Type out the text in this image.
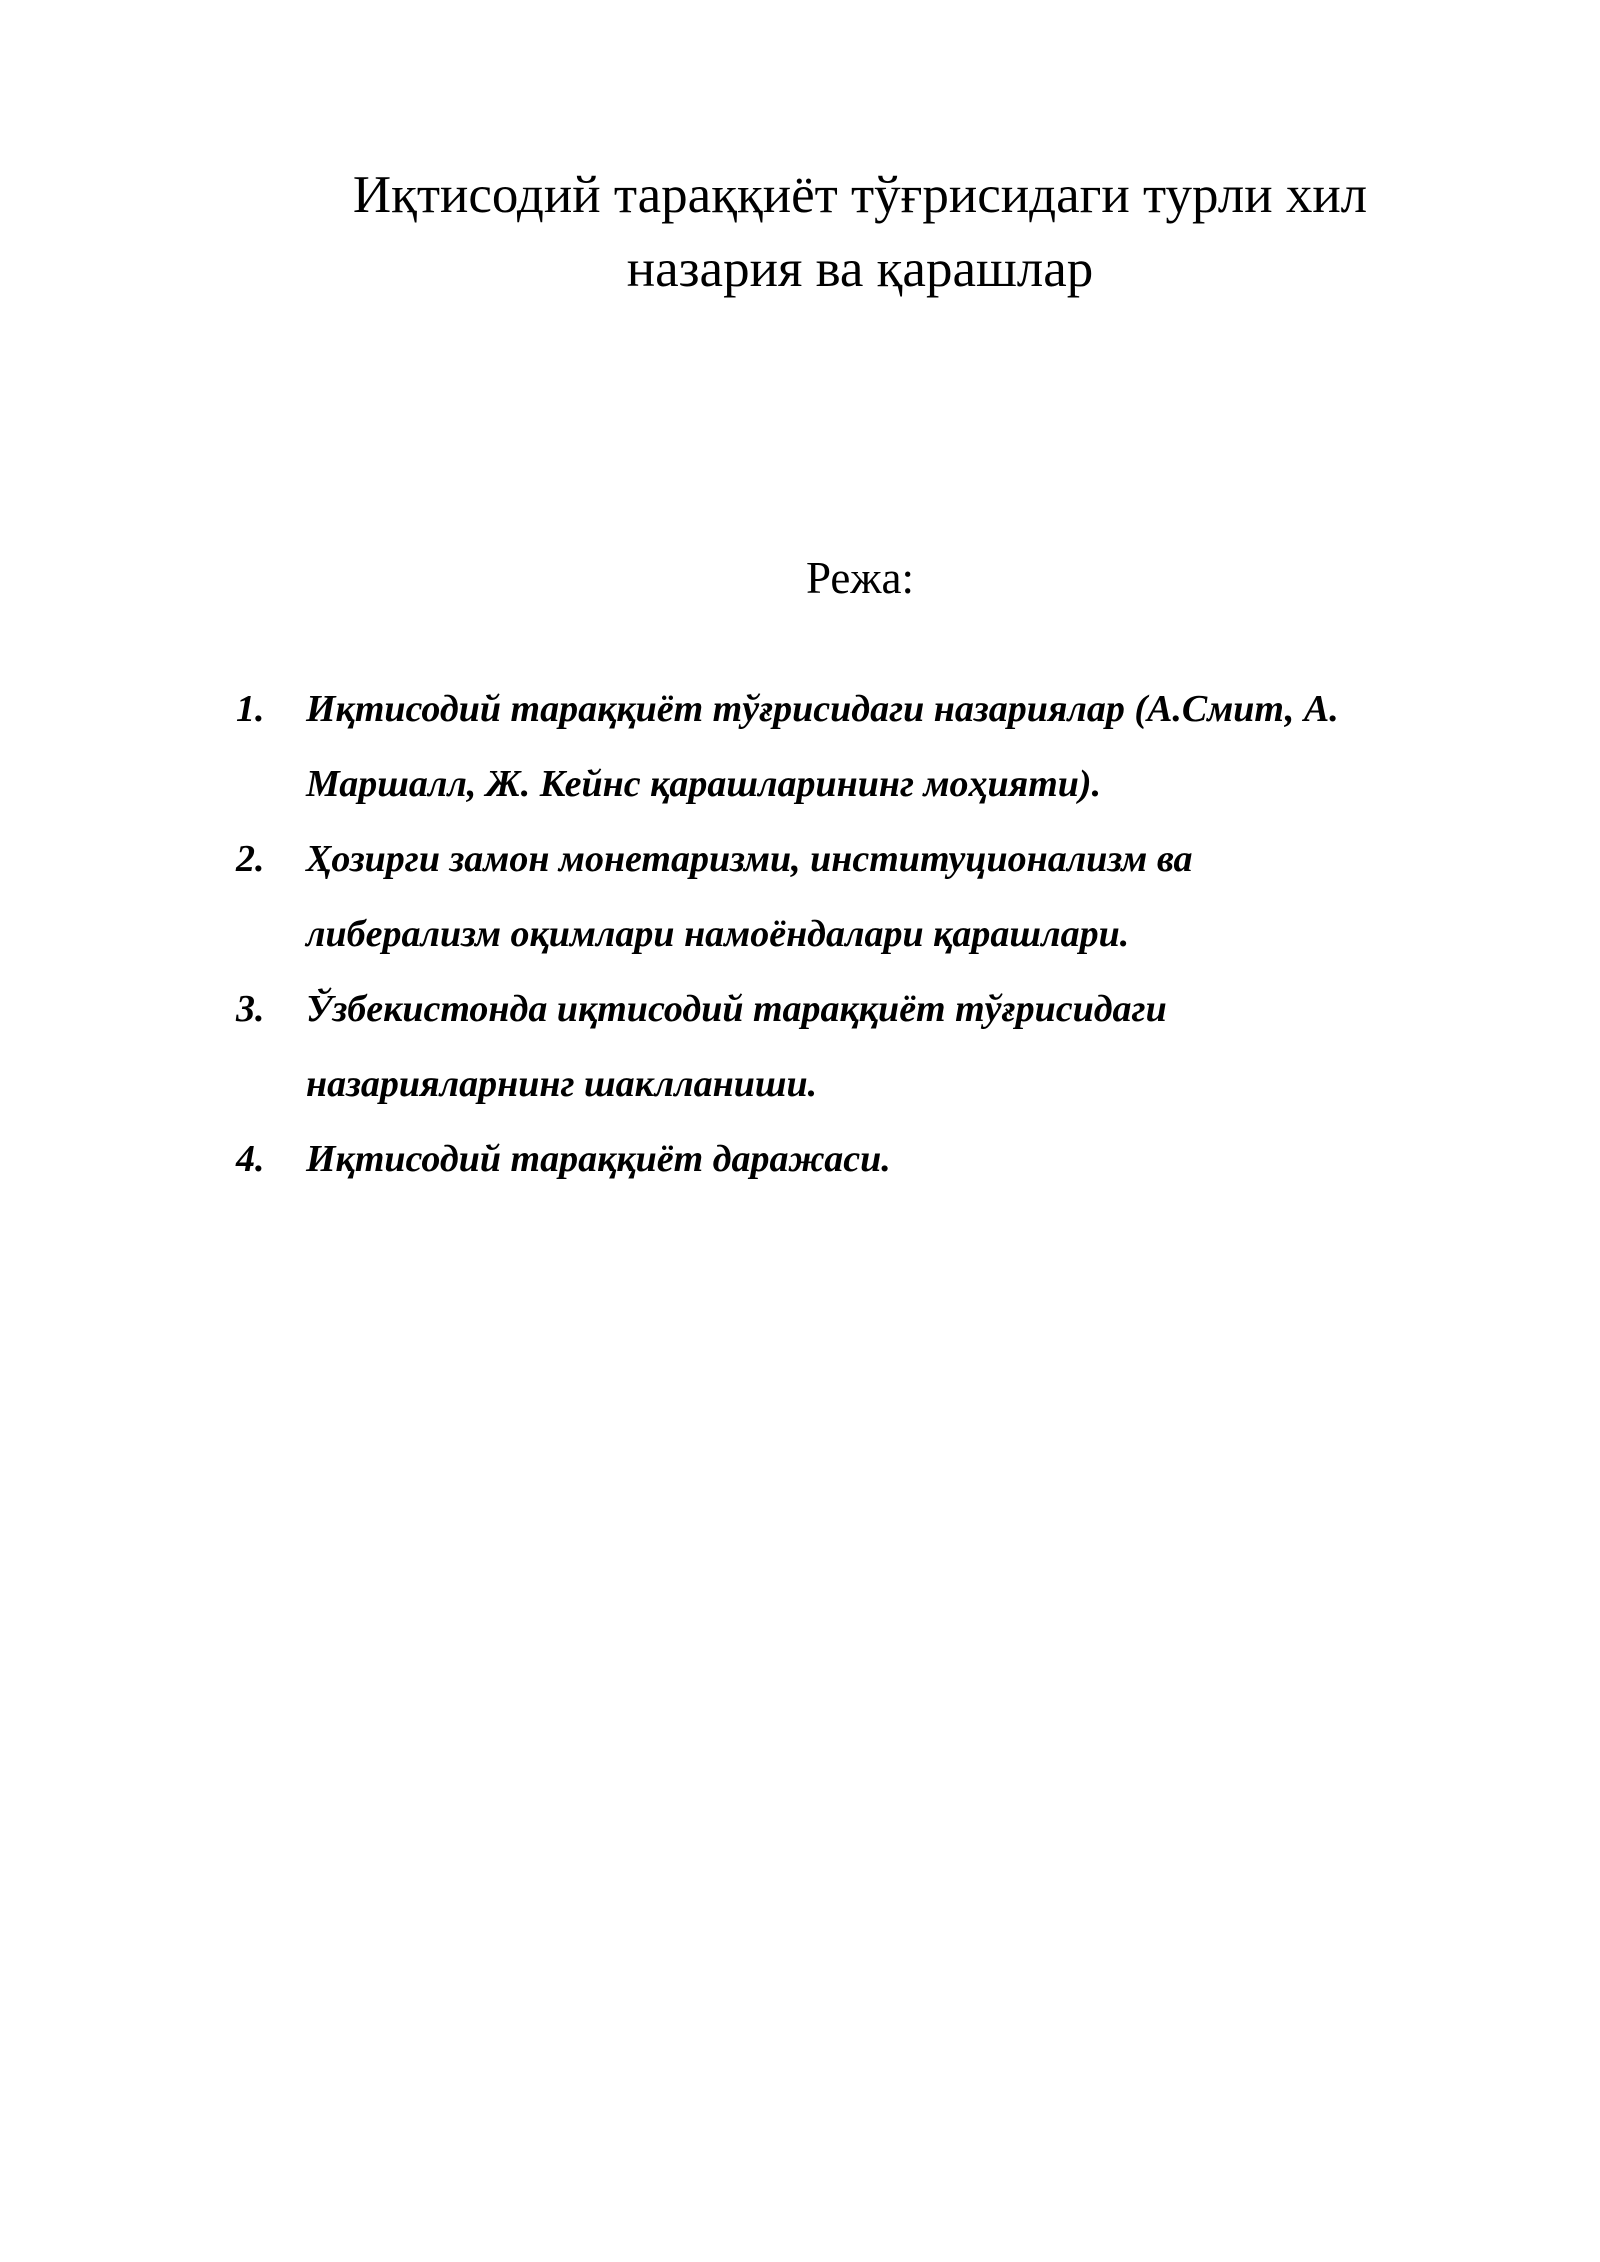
Иқтисодий тараққиёт тўғрисидаги турли хил
назария ва қарашлар
Режа:
1. Иқтисодий тараққиёт тўғрисидаги назариялар (А.Смит, А.
Маршалл, Ж. Кейнс қарашларининг моҳияти).
2. Ҳозирги замон монетаризми, институционализм ва
либерализм оқимлари намоёндалари қарашлари.
3. Ўзбекистонда иқтисодий тараққиёт тўғрисидаги
назарияларнинг шаклланиши.
4. Иқтисодий тараққиёт даражаси.
